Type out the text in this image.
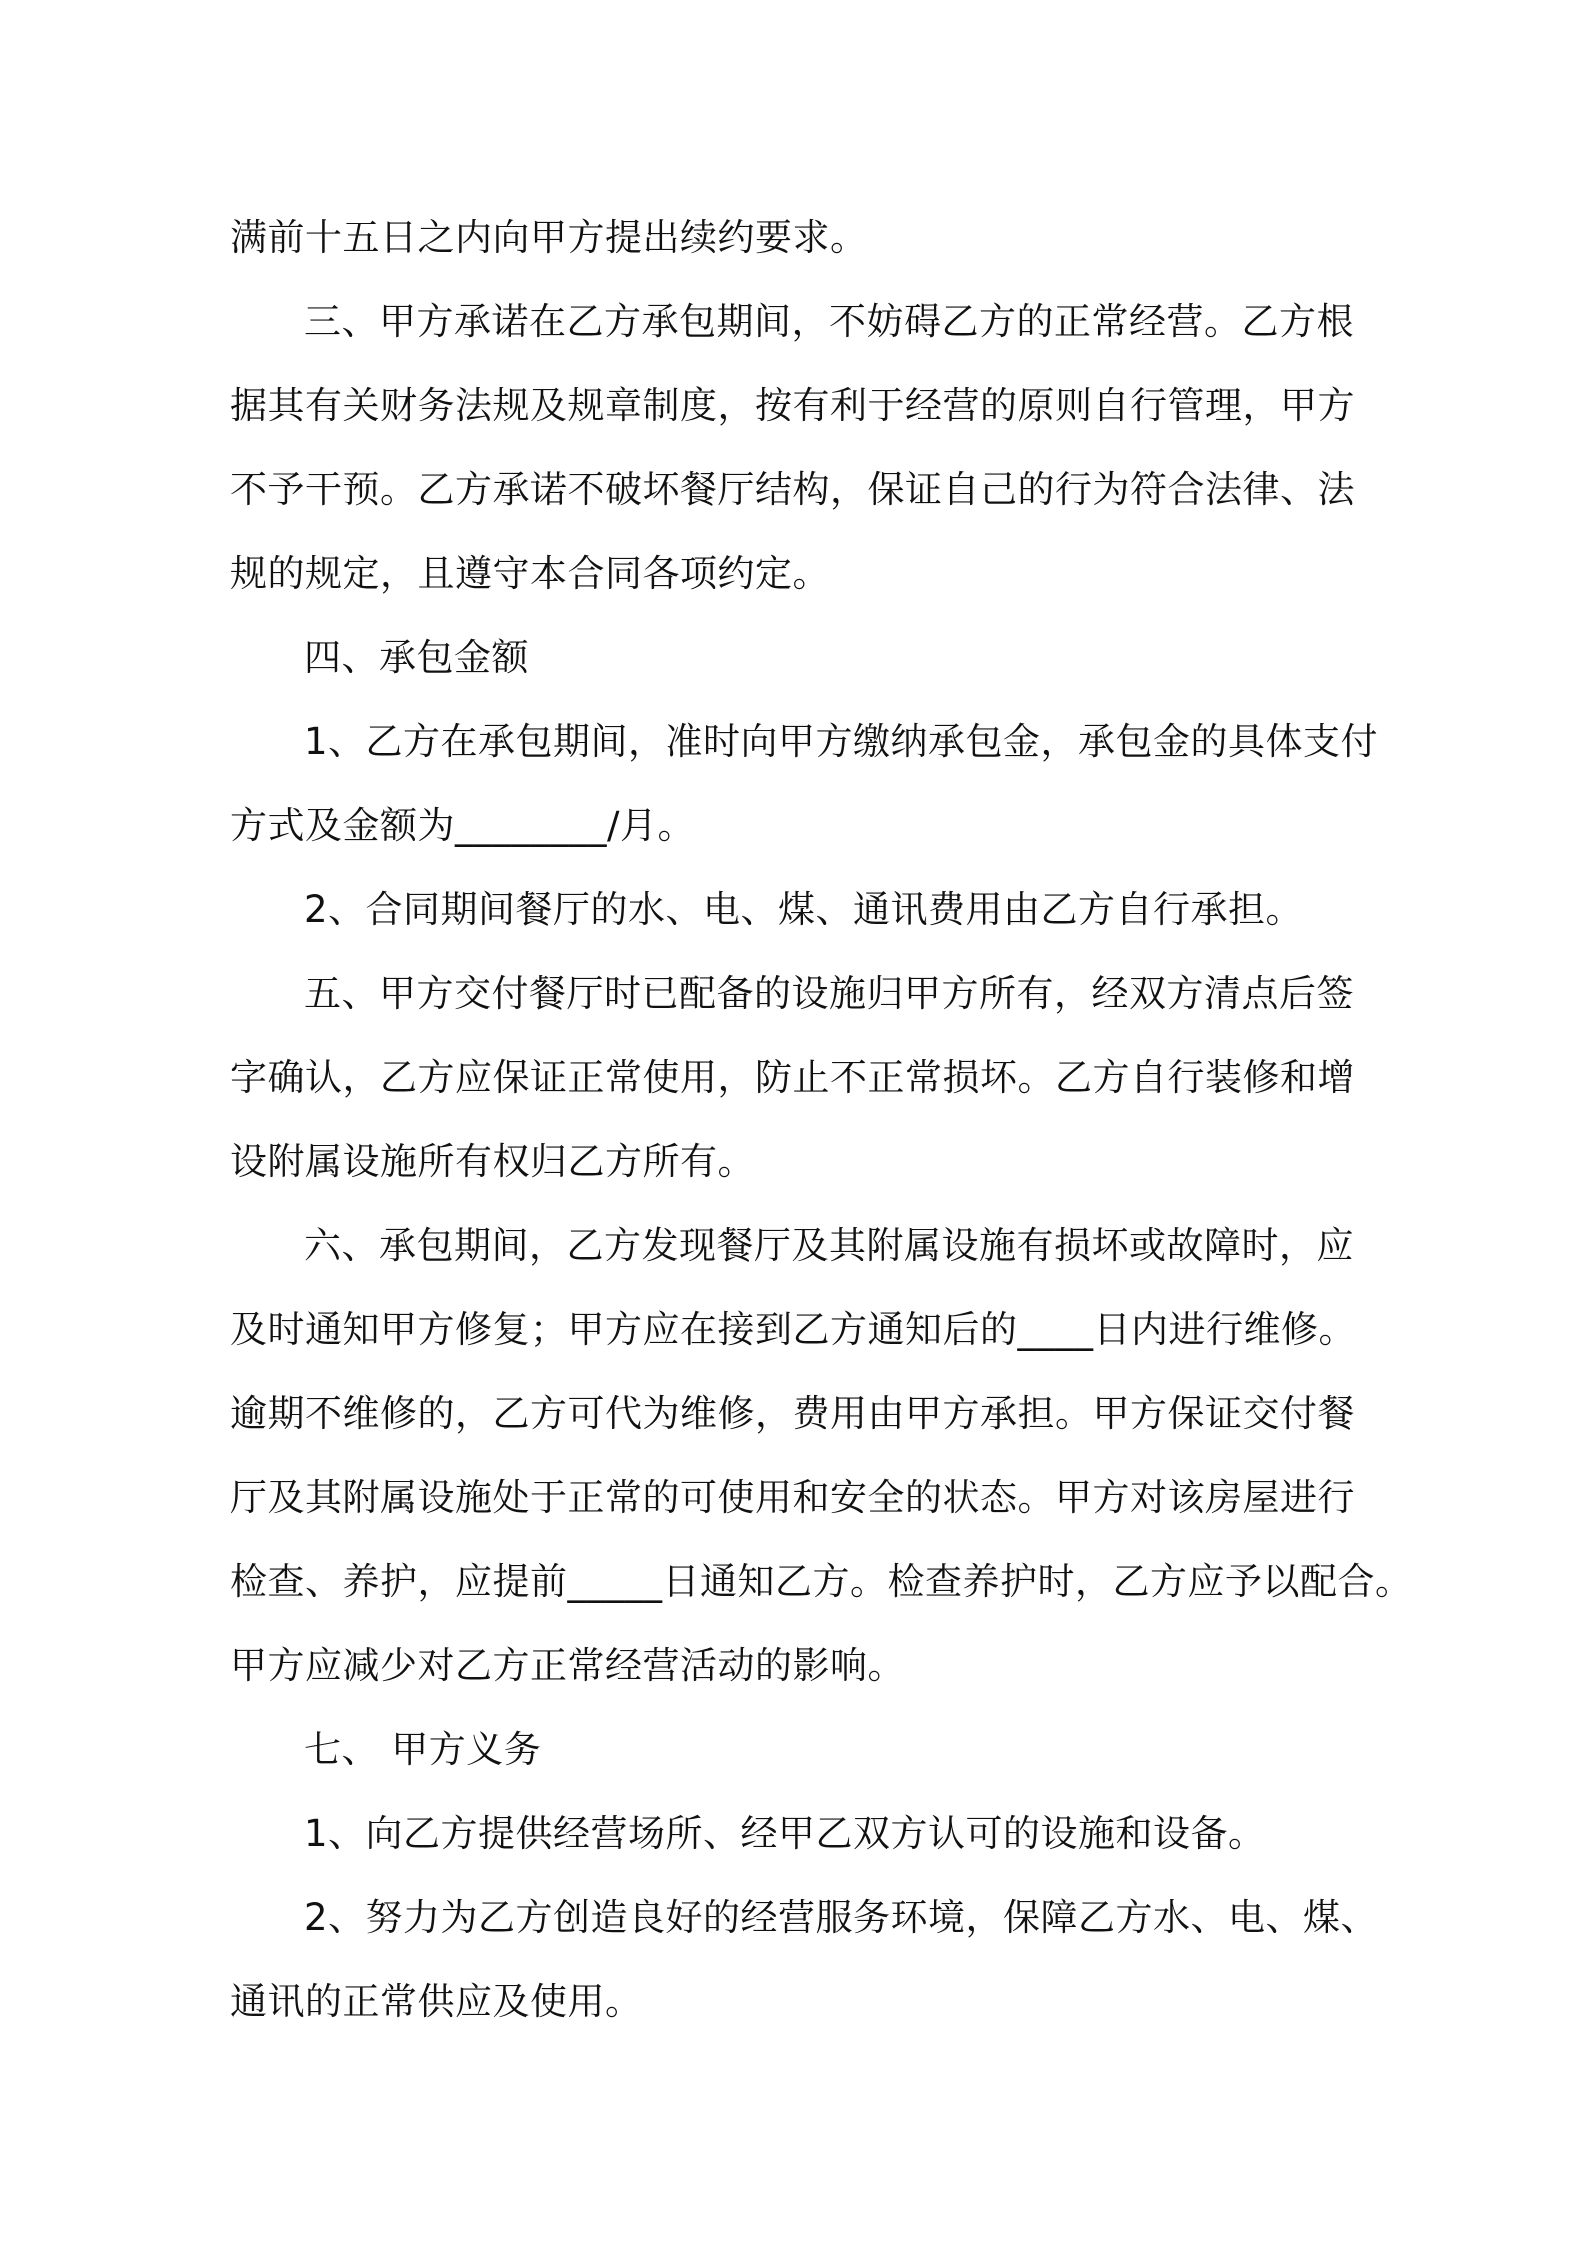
满前十五日之内向甲方提出续约要求。
三、甲方承诺在乙方承包期间，不妨碍乙方的正常经营。乙方根
据其有关财务法规及规章制度，按有利于经营的原则自行管理，甲方
不予干预。乙方承诺不破坏餐厅结构，保证自己的行为符合法律、法
规的规定，且遵守本合同各项约定。
四、承包金额
1、乙方在承包期间，准时向甲方缴纳承包金，承包金的具体支付
方式及金额为________/月。
2、合同期间餐厅的水、电、煤、通讯费用由乙方自行承担。
五、甲方交付餐厅时已配备的设施归甲方所有，经双方清点后签
字确认，乙方应保证正常使用，防止不正常损坏。乙方自行装修和增
设附属设施所有权归乙方所有。
六、承包期间，乙方发现餐厅及其附属设施有损坏或故障时，应
及时通知甲方修复；甲方应在接到乙方通知后的____日内进行维修。
逾期不维修的，乙方可代为维修，费用由甲方承担。甲方保证交付餐
厅及其附属设施处于正常的可使用和安全的状态。甲方对该房屋进行
检查、养护，应提前_____日通知乙方。检查养护时，乙方应予以配合。
甲方应减少对乙方正常经营活动的影响。
七、 甲方义务
1、向乙方提供经营场所、经甲乙双方认可的设施和设备。
2、努力为乙方创造良好的经营服务环境，保障乙方水、电、煤、
通讯的正常供应及使用。
